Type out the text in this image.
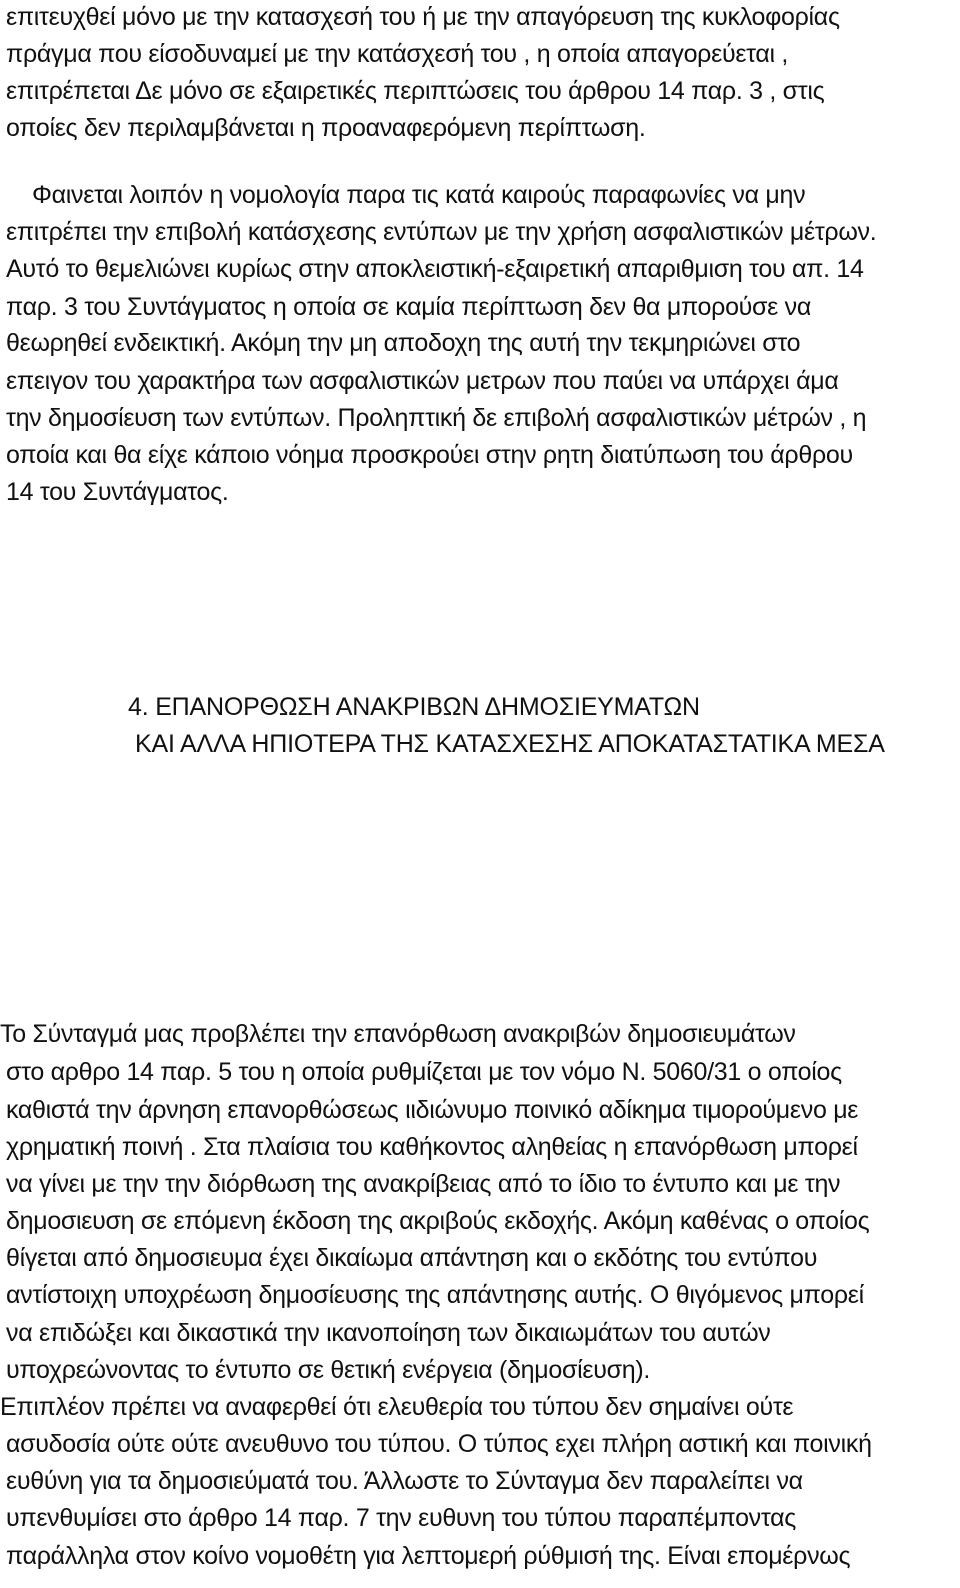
επιτευχθεί μόνο με την κατασχεσή του ή με την απαγόρευση της κυκλοφορίας
πράγμα που είσοδυναμεί με την κατάσχεσή του , η οποία απαγορεύεται ,
επιτρέπεται Δε μόνο σε εξαιρετικές περιπτώσεις του άρθρου 14 παρ. 3 , στις
οποίες δεν περιλαμβάνεται η προαναφερόμενη περίπτωση.
Φαινεται λοιπόν η νομολογία παρα τις κατά καιρούς παραφωνίες να μην
επιτρέπει την επιβολή κατάσχεσης εντύπων με την χρήση ασφαλιστικών μέτρων.
Αυτό το θεμελιώνει κυρίως στην αποκλειστική-εξαιρετική απαριθμιση του απ. 14
παρ. 3 του Συντάγματος η οποία σε καμία περίπτωση δεν θα μπορούσε να
θεωρηθεί ενδεικτική. Ακόμη την μη αποδοχη της αυτή την τεκμηριώνει στο
επειγον του χαρακτήρα των ασφαλιστικών μετρων που παύει να υπάρχει άμα
την δημοσίευση των εντύπων. Προληπτική δε επιβολή ασφαλιστικών μέτρών , η
οποία και θα είχε κάποιο νόημα προσκρούει στην ρητη διατύπωση του άρθρου
14 του Συντάγματος.
4. ΕΠΑΝΟΡΘΩΣΗ ΑΝΑΚΡΙΒΩΝ ΔΗΜΟΣΙΕΥΜΑΤΩΝ
ΚΑΙ ΑΛΛΑ ΗΠΙΟΤΕΡΑ ΤΗΣ ΚΑΤΑΣΧΕΣΗΣ ΑΠΟΚΑΤΑΣΤΑΤΙΚΑ ΜΕΣΑ
Το Σύνταγμά μας προβλέπει την επανόρθωση ανακριβών δημοσιευμάτων
στο αρθρο 14 παρ. 5 του η οποία ρυθμίζεται με τον νόμο Ν. 5060/31 ο οποίος
καθιστά την άρνηση επανορθώσεως ιιδιώνυμο ποινικό αδίκημα τιμορούμενο με
χρηματική ποινή . Στα πλαίσια του καθήκοντος αληθείας η επανόρθωση μπορεί
να γίνει με την την διόρθωση της ανακρίβειας από το ίδιο το έντυπο και με την
δημοσιευση σε επόμενη έκδοση της ακριβούς εκδοχής. Ακόμη καθένας ο οποίος
θίγεται από δημοσιευμα έχει δικαίωμα απάντηση και ο εκδότης του εντύπου
αντίστοιχη υποχρέωση δημοσίευσης της απάντησης αυτής. Ο θιγόμενος μπορεί
να επιδώξει και δικαστικά την ικανοποίηση των δικαιωμάτων του αυτών
υποχρεώνοντας το έντυπο σε θετική ενέργεια (δημοσίευση).
Επιπλέον πρέπει να αναφερθεί ότι ελευθερία του τύπου δεν σημαίνει ούτε
ασυδοσία ούτε ούτε ανευθυνο του τύπου. Ο τύπος εχει πλήρη αστική και ποινική
ευθύνη για τα δημοσιεύματά του. Άλλωστε το Σύνταγμα δεν παραλείπει να
υπενθυμίσει στο άρθρο 14 παρ. 7 την ευθυνη του τύπου παραπέμποντας
παράλληλα στον κοίνο νομοθέτη για λεπτομερή ρύθμισή της. Είναι επομέρνως
